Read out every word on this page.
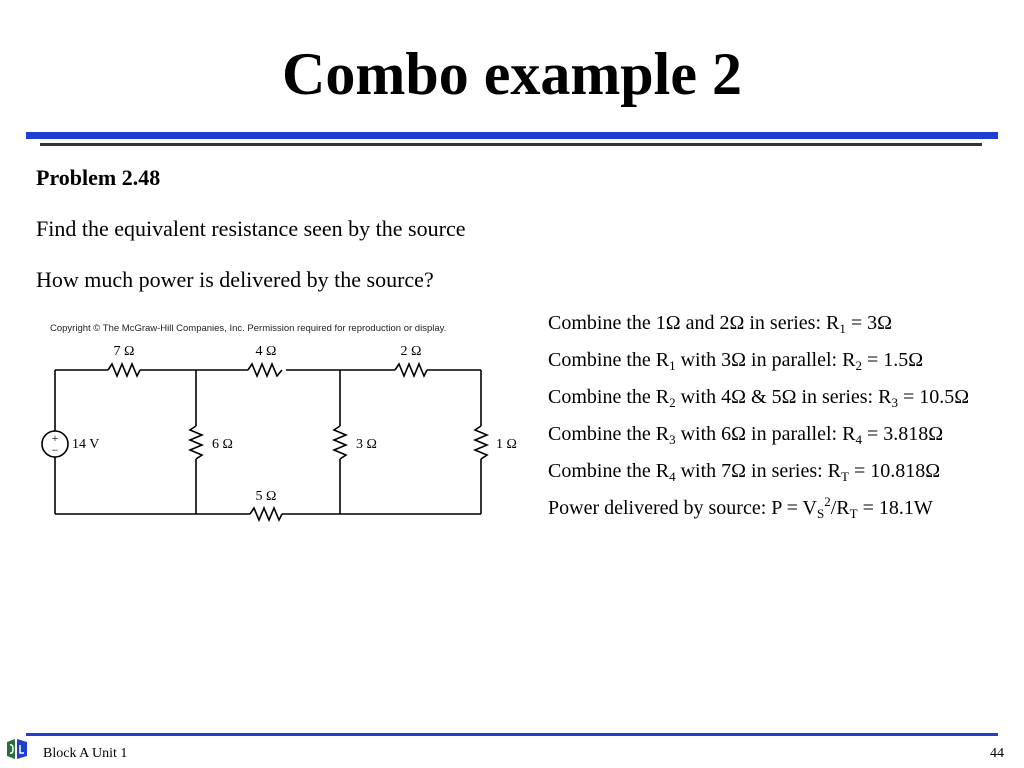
Combo example 2
Problem 2.48
Find the equivalent resistance seen by the source
How much power is delivered by the source?
Copyright © The McGraw-Hill Companies, Inc. Permission required for reproduction or display.
+
−
7 Ω	4 Ω	2 Ω
6 Ω	3 Ω	1 Ω
5 Ω
14 V
Combine the 1Ω and 2Ω in series: $R_1 = 3\Omega$
Combine the $R_1$ with 3Ω in parallel: $R_2 = 1.5\Omega$
Combine the $R_2$ with 4Ω & 5Ω in series: $R_3 = 10.5\Omega$
Combine the $R_3$ with 6Ω in parallel: $R_4 = 3.818\Omega$
Combine the $R_4$ with 7Ω in series: $R_T = 10.818\Omega$
Power delivered by source: $P = V_S^2/R_T = 18.1W$
Block A Unit 1	44
